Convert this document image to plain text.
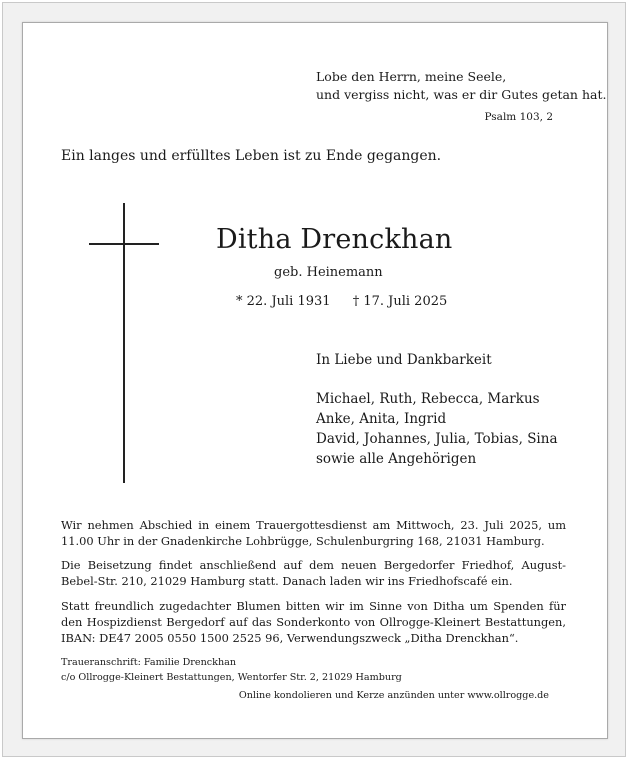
Lobe den Herrn, meine Seele,
und vergiss nicht, was er dir Gutes getan hat.
Psalm 103, 2
Ein langes und erfülltes Leben ist zu Ende gegangen.
Ditha Drenckhan
geb. Heinemann
* 22. Juli 1931 † 17. Juli 2025
In Liebe und Dankbarkeit
Michael, Ruth, Rebecca, Markus
Anke, Anita, Ingrid
David, Johannes, Julia, Tobias, Sina
sowie alle Angehörigen
Wir nehmen Abschied in einem Trauergottesdienst am Mittwoch, 23. Juli 2025, um 11.00 Uhr in der Gnadenkirche Lohbrügge, Schulenburgring 168, 21031 Hamburg.
Die Beisetzung findet anschließend auf dem neuen Bergedorfer Friedhof, August-Bebel-Str. 210, 21029 Hamburg statt. Danach laden wir ins Friedhofscafé ein.
Statt freundlich zugedachter Blumen bitten wir im Sinne von Ditha um Spenden für den Hospizdienst Bergedorf auf das Sonderkonto von Ollrogge-Kleinert Bestattungen, IBAN: DE47 2005 0550 1500 2525 96, Verwendungszweck „Ditha Drenckhan“.
Traueranschrift: Familie Drenckhan
c/o Ollrogge-Kleinert Bestattungen, Wentorfer Str. 2, 21029 Hamburg
Online kondolieren und Kerze anzünden unter www.ollrogge.de
